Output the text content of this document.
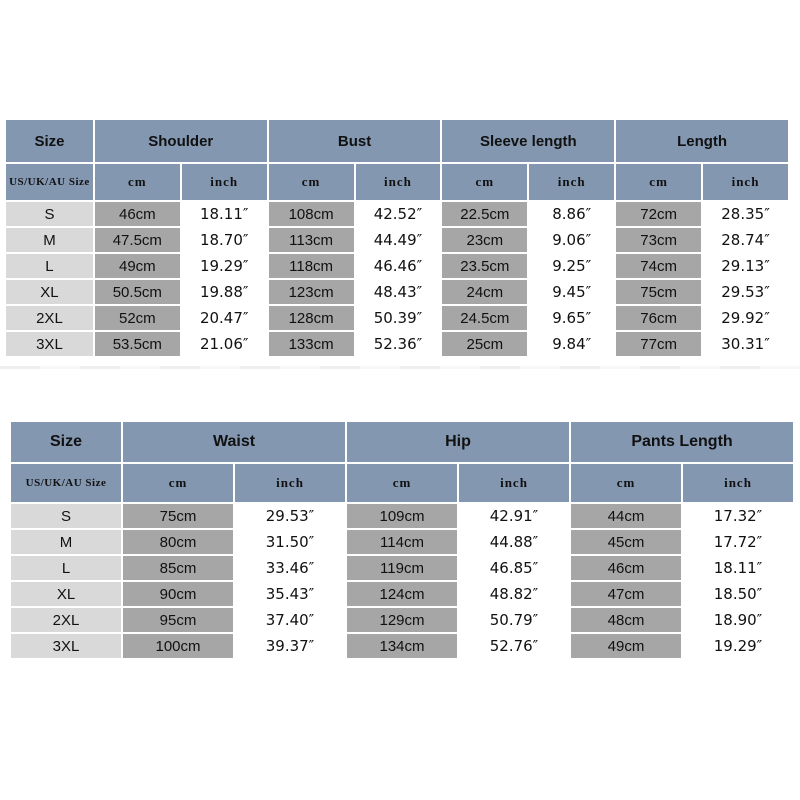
Size	Shoulder		Bust		Sleeve length		Length	
US/UK/AU Size	cm	inch	cm	inch	cm	inch	cm	inch
S	46cm	18.11″	108cm	42.52″	22.5cm	8.86″	72cm	28.35″
M	47.5cm	18.70″	113cm	44.49″	23cm	9.06″	73cm	28.74″
L	49cm	19.29″	118cm	46.46″	23.5cm	9.25″	74cm	29.13″
XL	50.5cm	19.88″	123cm	48.43″	24cm	9.45″	75cm	29.53″
2XL	52cm	20.47″	128cm	50.39″	24.5cm	9.65″	76cm	29.92″
3XL	53.5cm	21.06″	133cm	52.36″	25cm	9.84″	77cm	30.31″
Size	Waist		Hip		Pants Length	
US/UK/AU Size	cm	inch	cm	inch	cm	inch
S	75cm	29.53″	109cm	42.91″	44cm	17.32″
M	80cm	31.50″	114cm	44.88″	45cm	17.72″
L	85cm	33.46″	119cm	46.85″	46cm	18.11″
XL	90cm	35.43″	124cm	48.82″	47cm	18.50″
2XL	95cm	37.40″	129cm	50.79″	48cm	18.90″
3XL	100cm	39.37″	134cm	52.76″	49cm	19.29″
